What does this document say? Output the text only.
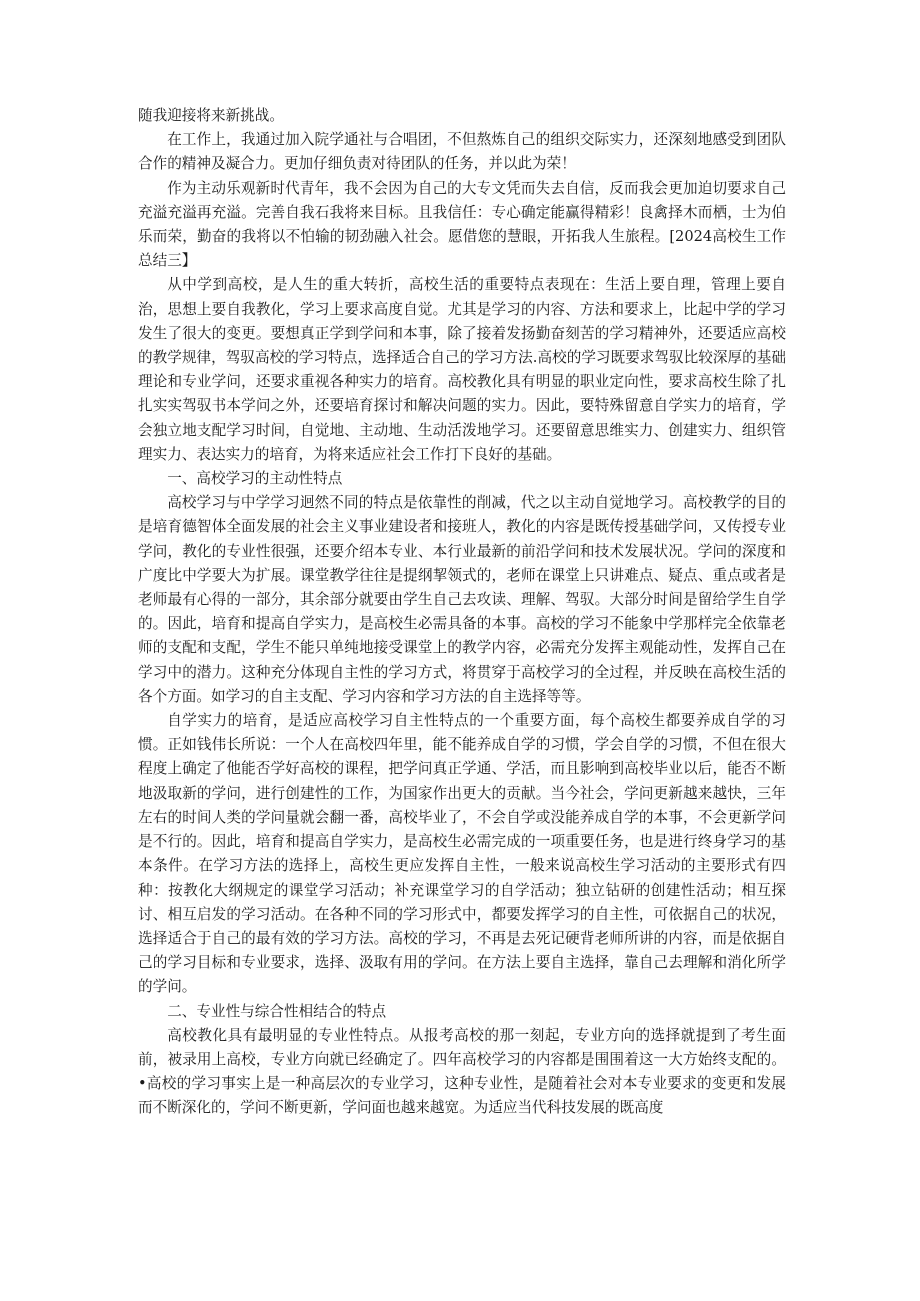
随我迎接将来新挑战。

在工作上，我通过加入院学通社与合唱团，不但熬炼自己的组织交际实力，还深刻地感受到团队合作的精神及凝合力。更加仔细负责对待团队的任务，并以此为荣！

作为主动乐观新时代青年，我不会因为自己的大专文凭而失去自信，反而我会更加迫切要求自己充溢充溢再充溢。完善自我石我将来目标。且我信任：专心确定能赢得精彩！良禽择木而栖，士为伯乐而荣，勤奋的我将以不怕输的韧劲融入社会。愿借您的慧眼，开拓我人生旅程。[2024高校生工作总结三】

从中学到高校，是人生的重大转折，高校生活的重要特点表现在：生活上要自理，管理上要自治，思想上要自我教化，学习上要求高度自觉。尤其是学习的内容、方法和要求上，比起中学的学习发生了很大的变更。要想真正学到学问和本事，除了接着发扬勤奋刻苦的学习精神外，还要适应高校的教学规律，驾驭高校的学习特点，选择适合自己的学习方法.高校的学习既要求驾驭比较深厚的基础理论和专业学问，还要求重视各种实力的培育。高校教化具有明显的职业定向性，要求高校生除了扎扎实实驾驭书本学问之外，还要培育探讨和解决问题的实力。因此，要特殊留意自学实力的培育，学会独立地支配学习时间，自觉地、主动地、生动活泼地学习。还要留意思维实力、创建实力、组织管理实力、表达实力的培育，为将来适应社会工作打下良好的基础。

一、高校学习的主动性特点

高校学习与中学学习迥然不同的特点是依靠性的削减，代之以主动自觉地学习。高校教学的目的是培育德智体全面发展的社会主义事业建设者和接班人，教化的内容是既传授基础学问，又传授专业学问，教化的专业性很强，还要介绍本专业、本行业最新的前沿学问和技术发展状况。学问的深度和广度比中学要大为扩展。课堂教学往往是提纲挈领式的，老师在课堂上只讲难点、疑点、重点或者是老师最有心得的一部分，其余部分就要由学生自己去攻读、理解、驾驭。大部分时间是留给学生自学的。因此，培育和提高自学实力，是高校生必需具备的本事。高校的学习不能象中学那样完全依靠老师的支配和支配，学生不能只单纯地接受课堂上的教学内容，必需充分发挥主观能动性，发挥自己在学习中的潜力。这种充分体现自主性的学习方式，将贯穿于高校学习的全过程，并反映在高校生活的各个方面。如学习的自主支配、学习内容和学习方法的自主选择等等。

自学实力的培育，是适应高校学习自主性特点的一个重要方面，每个高校生都要养成自学的习惯。正如钱伟长所说：一个人在高校四年里，能不能养成自学的习惯，学会自学的习惯，不但在很大程度上确定了他能否学好高校的课程，把学问真正学通、学活，而且影响到高校毕业以后，能否不断地汲取新的学问，进行创建性的工作，为国家作出更大的贡献。当今社会，学问更新越来越快，三年左右的时间人类的学问量就会翻一番，高校毕业了，不会自学或没能养成自学的本事，不会更新学问是不行的。因此，培育和提高自学实力，是高校生必需完成的一项重要任务，也是进行终身学习的基本条件。在学习方法的选择上，高校生更应发挥自主性，一般来说高校生学习活动的主要形式有四种：按教化大纲规定的课堂学习活动；补充课堂学习的自学活动；独立钻研的创建性活动；相互探讨、相互启发的学习活动。在各种不同的学习形式中，都要发挥学习的自主性，可依据自己的状况，选择适合于自己的最有效的学习方法。高校的学习，不再是去死记硬背老师所讲的内容，而是依据自己的学习目标和专业要求，选择、汲取有用的学问。在方法上要自主选择，靠自己去理解和消化所学的学问。

二、专业性与综合性相结合的特点

高校教化具有最明显的专业性特点。从报考高校的那一刻起，专业方向的选择就提到了考生面前，被录用上高校，专业方向就已经确定了。四年高校学习的内容都是围围着这一大方始终支配的。•高校的学习事实上是一种高层次的专业学习，这种专业性，是随着社会对本专业要求的变更和发展而不断深化的，学问不断更新，学问面也越来越宽。为适应当代科技发展的既高度
